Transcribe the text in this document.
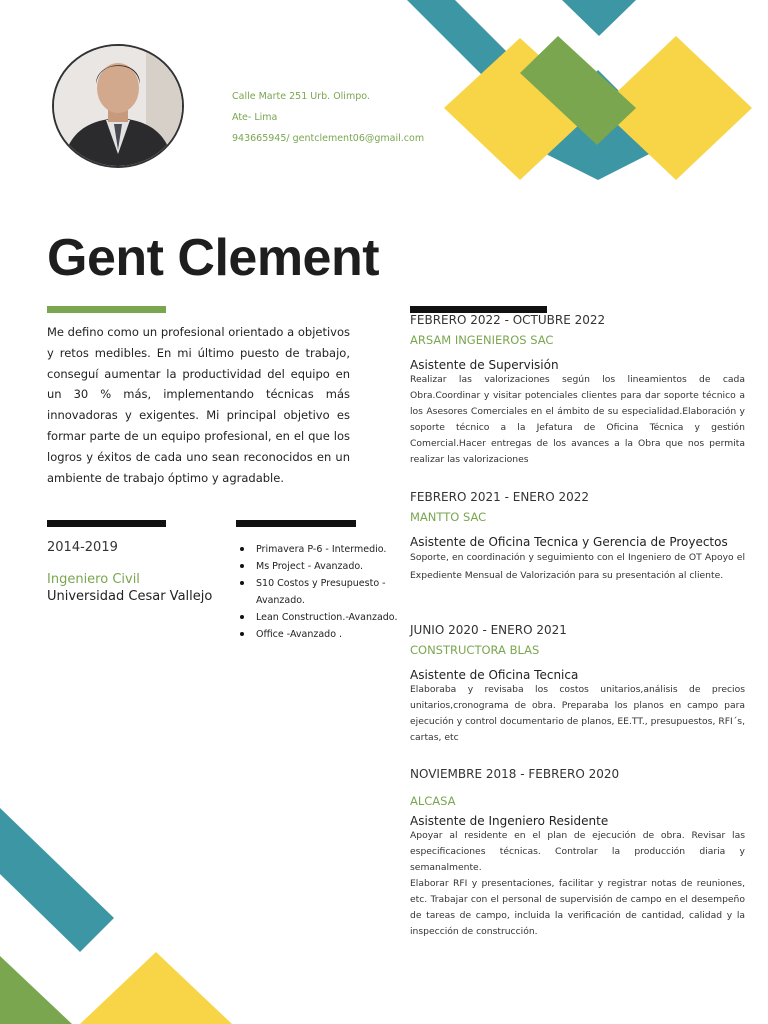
Calle Marte 251 Urb. Olimpo.
Ate- Lima
943665945/ gentclement06@gmail.com
Gent Clement

Me defino como un profesional orientado a objetivos y retos medibles. En mi último puesto de trabajo, conseguí aumentar la productividad del equipo en un 30 % más, implementando técnicas más innovadoras y exigentes. Mi principal objetivo es formar parte de un equipo profesional, en el que los logros y éxitos de cada uno sean reconocidos en un ambiente de trabajo óptimo y agradable.

2014-2019
Ingeniero Civil
Universidad Cesar Vallejo
Primavera P-6 - Intermedio.
Ms Project - Avanzado.
S10 Costos y Presupuesto - Avanzado.
Lean Construction.-Avanzado.
Office -Avanzado .
FEBRERO 2022 - OCTUBRE 2022
ARSAM INGENIEROS SAC
Asistente de Supervisión

Realizar las valorizaciones según los lineamientos de cada Obra.Coordinar y visitar potenciales clientes para dar soporte técnico a los Asesores Comerciales en el ámbito de su especialidad.Elaboración y soporte técnico a la Jefatura de Oficina Técnica y gestión Comercial.Hacer entregas de los avances a la Obra que nos permita realizar las valorizaciones

FEBRERO 2021 - ENERO 2022
MANTTO SAC
Asistente de Oficina Tecnica y Gerencia de Proyectos

Soporte, en coordinación y seguimiento con el Ingeniero de OT Apoyo el Expediente Mensual de Valorización para su presentación al cliente.

JUNIO 2020 - ENERO 2021
CONSTRUCTORA BLAS
Asistente de Oficina Tecnica

Elaboraba y revisaba los costos unitarios,análisis de precios unitarios,cronograma de obra. Preparaba los planos en campo para ejecución y control documentario de planos, EE.TT., presupuestos, RFI´s, cartas, etc

NOVIEMBRE 2018 - FEBRERO 2020
ALCASA
Asistente de Ingeniero Residente

Apoyar al residente en el plan de ejecución de obra. Revisar las especificaciones técnicas. Controlar la producción diaria y semanalmente.

Elaborar RFI y presentaciones, facilitar y registrar notas de reuniones, etc. Trabajar con el personal de supervisión de campo en el desempeño de tareas de campo, incluida la verificación de cantidad, calidad y la inspección de construcción.
